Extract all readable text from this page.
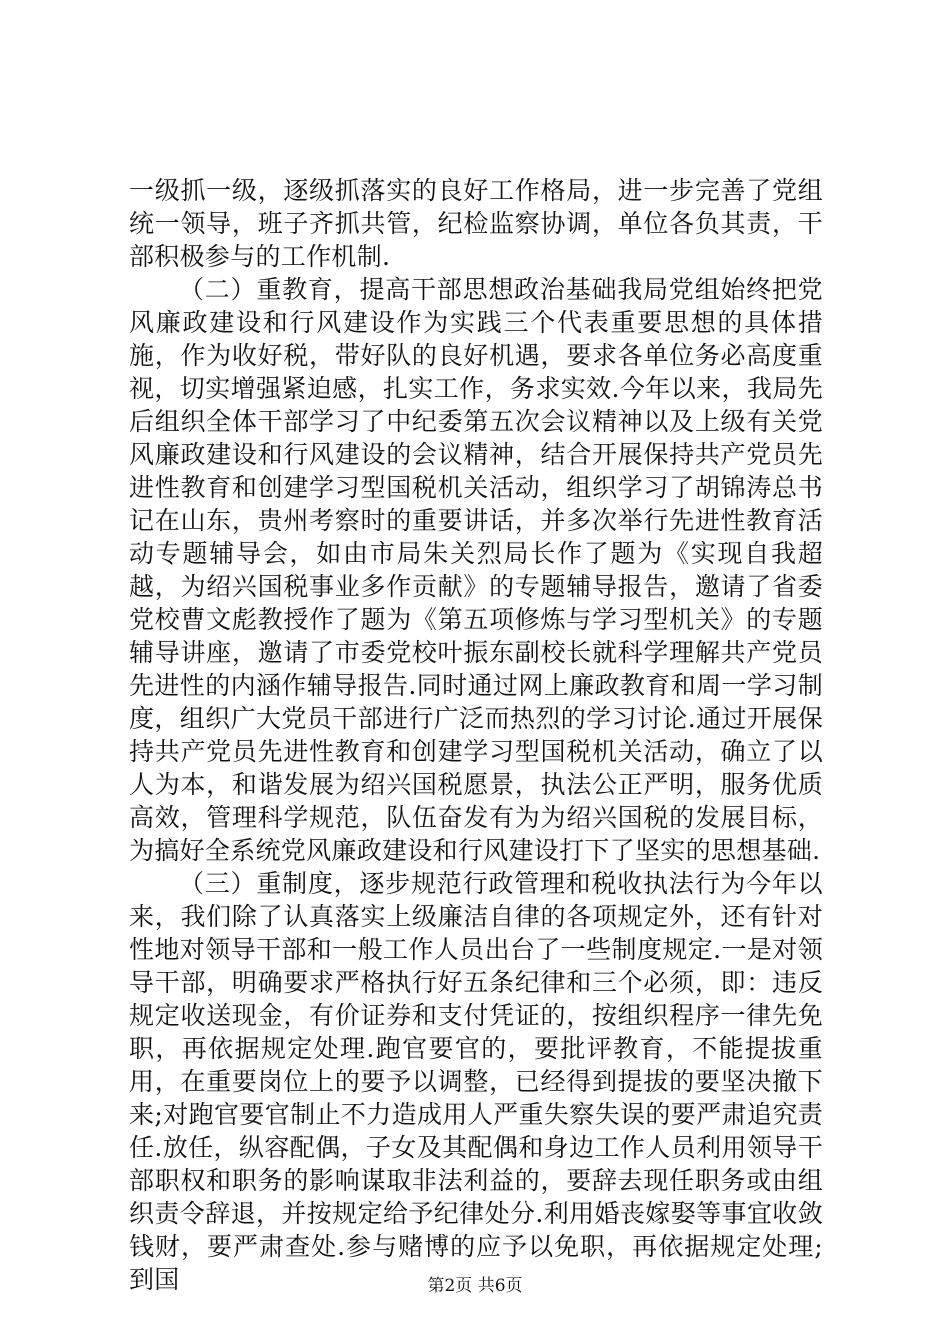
一级抓一级，逐级抓落实的良好工作格局，进一步完善了党组统一领导，班子齐抓共管，纪检监察协调，单位各负其责，干部积极参与的工作机制.

（二）重教育，提高干部思想政治基础我局党组始终把党风廉政建设和行风建设作为实践三个代表重要思想的具体措施，作为收好税，带好队的良好机遇，要求各单位务必高度重视，切实增强紧迫感，扎实工作，务求实效.今年以来，我局先后组织全体干部学习了中纪委第五次会议精神以及上级有关党风廉政建设和行风建设的会议精神，结合开展保持共产党员先进性教育和创建学习型国税机关活动，组织学习了胡锦涛总书记在山东，贵州考察时的重要讲话，并多次举行先进性教育活动专题辅导会，如由市局朱关烈局长作了题为《实现自我超越，为绍兴国税事业多作贡献》的专题辅导报告，邀请了省委党校曹文彪教授作了题为《第五项修炼与学习型机关》的专题辅导讲座，邀请了市委党校叶振东副校长就科学理解共产党员先进性的内涵作辅导报告.同时通过网上廉政教育和周一学习制度，组织广大党员干部进行广泛而热烈的学习讨论.通过开展保持共产党员先进性教育和创建学习型国税机关活动，确立了以人为本，和谐发展为绍兴国税愿景，执法公正严明，服务优质高效，管理科学规范，队伍奋发有为为绍兴国税的发展目标，为搞好全系统党风廉政建设和行风建设打下了坚实的思想基础.

（三）重制度，逐步规范行政管理和税收执法行为今年以来，我们除了认真落实上级廉洁自律的各项规定外，还有针对性地对领导干部和一般工作人员出台了一些制度规定.一是对领导干部，明确要求严格执行好五条纪律和三个必须，即：违反规定收送现金，有价证券和支付凭证的，按组织程序一律先免职，再依据规定处理.跑官要官的，要批评教育，不能提拔重用，在重要岗位上的要予以调整，已经得到提拔的要坚决撤下来;对跑官要官制止不力造成用人严重失察失误的要严肃追究责任.放任，纵容配偶，子女及其配偶和身边工作人员利用领导干部职权和职务的影响谋取非法利益的，要辞去现任职务或由组织责令辞退，并按规定给予纪律处分.利用婚丧嫁娶等事宜收敛钱财，要严肃查处.参与赌博的应予以免职，再依据规定处理;到国	第2页 共6页
